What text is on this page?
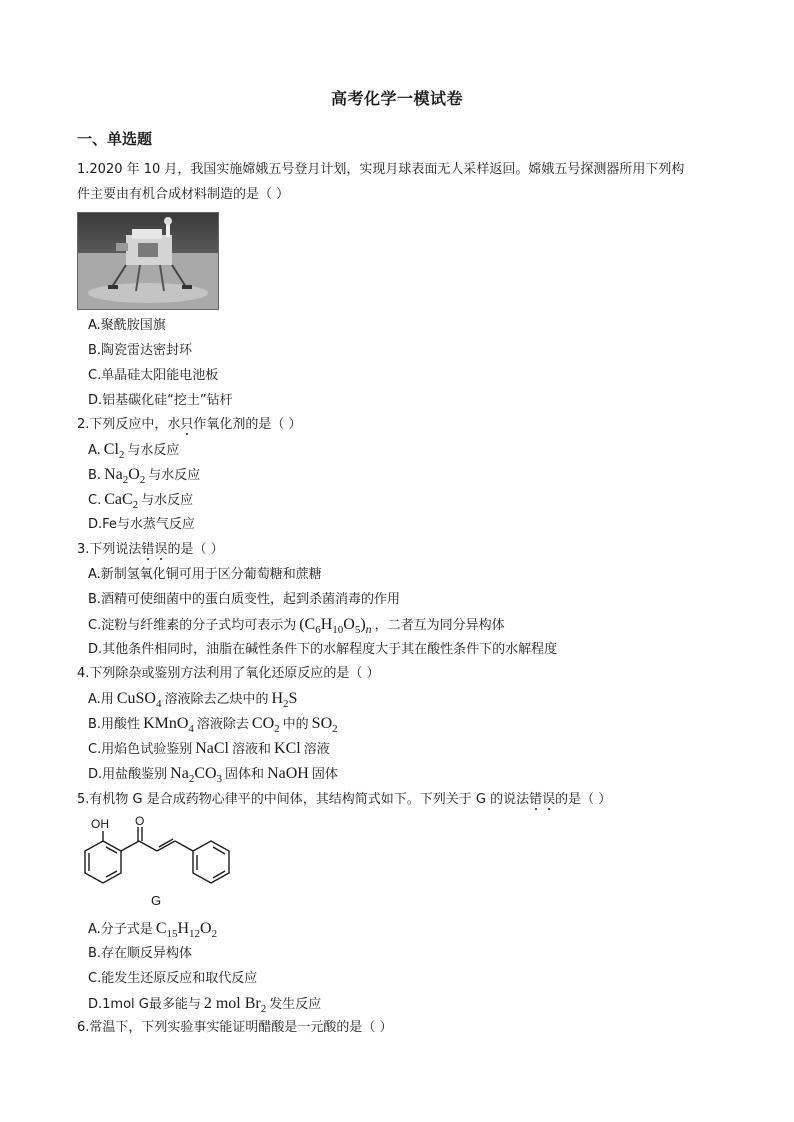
高考化学一模试卷
一、单选题
1.2020 年 10 月，我国实施嫦娥五号登月计划，实现月球表面无人采样返回。嫦娥五号探测器所用下列构
件主要由有机合成材料制造的是（ ）
A.聚酰胺国旗
B.陶瓷雷达密封环
C.单晶硅太阳能电池板
D.铝基碳化硅“挖土”钻杆
2.下列反应中，水只作氧化剂的是（ ）
A. $Cl_2$ 与水反应
B. $Na_2O_2$ 与水反应
C. CaC$_2$ 与水反应
D.Fe与水蒸气反应
3.下列说法错误的是（ ）
A.新制氢氧化铜可用于区分葡萄糖和蔗糖
B.酒精可使细菌中的蛋白质变性，起到杀菌消毒的作用
C.淀粉与纤维素的分子式均可表示为 $(C_6H_{10}O_5)_n$ ，二者互为同分异构体
D.其他条件相同时，油脂在碱性条件下的水解程度大于其在酸性条件下的水解程度
4.下列除杂或鉴别方法利用了氧化还原反应的是（ ）
A.用 CuSO$_4$ 溶液除去乙炔中的 $H_2S$
B.用酸性 KMnO$_4$ 溶液除去 $CO_2$ 中的 $SO_2$
C.用焰色试验鉴别 NaCl 溶液和 KCl 溶液
D.用盐酸鉴别 $Na_2CO_3$ 固体和 NaOH 固体
5.有机物 G 是合成药物心律平的中间体，其结构简式如下。下列关于 G 的说法错误的是（ ）
OH O
G
A.分子式是 $C_{15}H_{12}O_2$
B.存在顺反异构体
C.能发生还原反应和取代反应
D.1mol G最多能与 2 mol $Br_2$ 发生反应
6.常温下，下列实验事实能证明醋酸是一元酸的是（ ）
